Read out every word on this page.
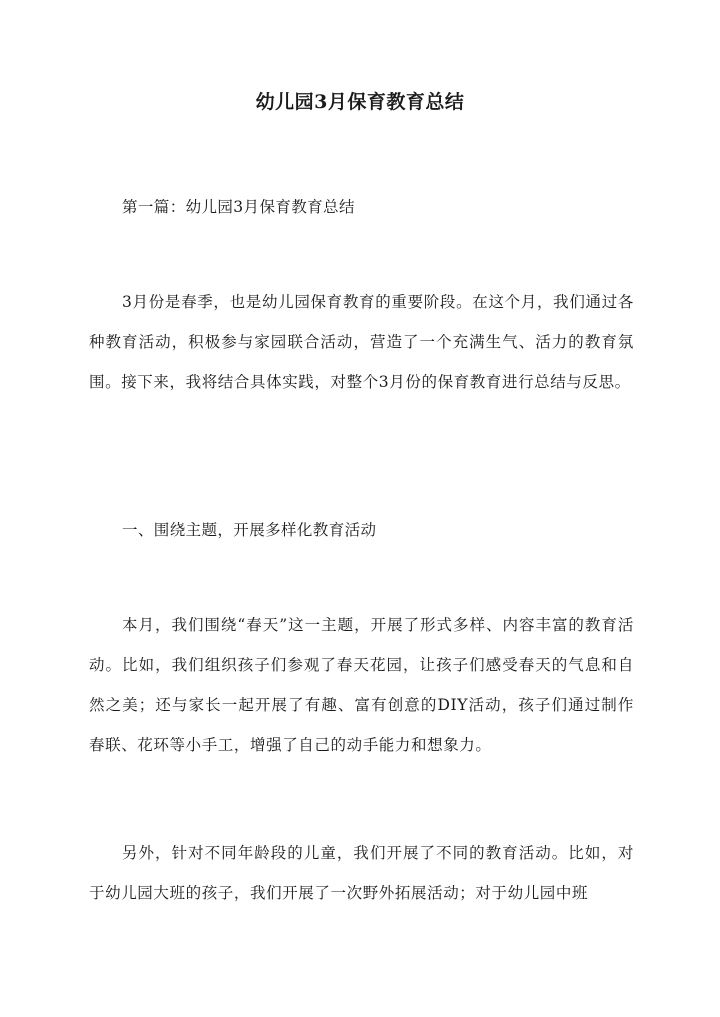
幼儿园3月保育教育总结

第一篇：幼儿园3月保育教育总结

3月份是春季，也是幼儿园保育教育的重要阶段。在这个月，我们通过各种教育活动，积极参与家园联合活动，营造了一个充满生气、活力的教育氛围。接下来，我将结合具体实践，对整个3月份的保育教育进行总结与反思。

一、围绕主题，开展多样化教育活动

本月，我们围绕“春天”这一主题，开展了形式多样、内容丰富的教育活动。比如，我们组织孩子们参观了春天花园，让孩子们感受春天的气息和自然之美；还与家长一起开展了有趣、富有创意的DIY活动，孩子们通过制作春联、花环等小手工，增强了自己的动手能力和想象力。

另外，针对不同年龄段的儿童，我们开展了不同的教育活动。比如，对于幼儿园大班的孩子，我们开展了一次野外拓展活动；对于幼儿园中班
